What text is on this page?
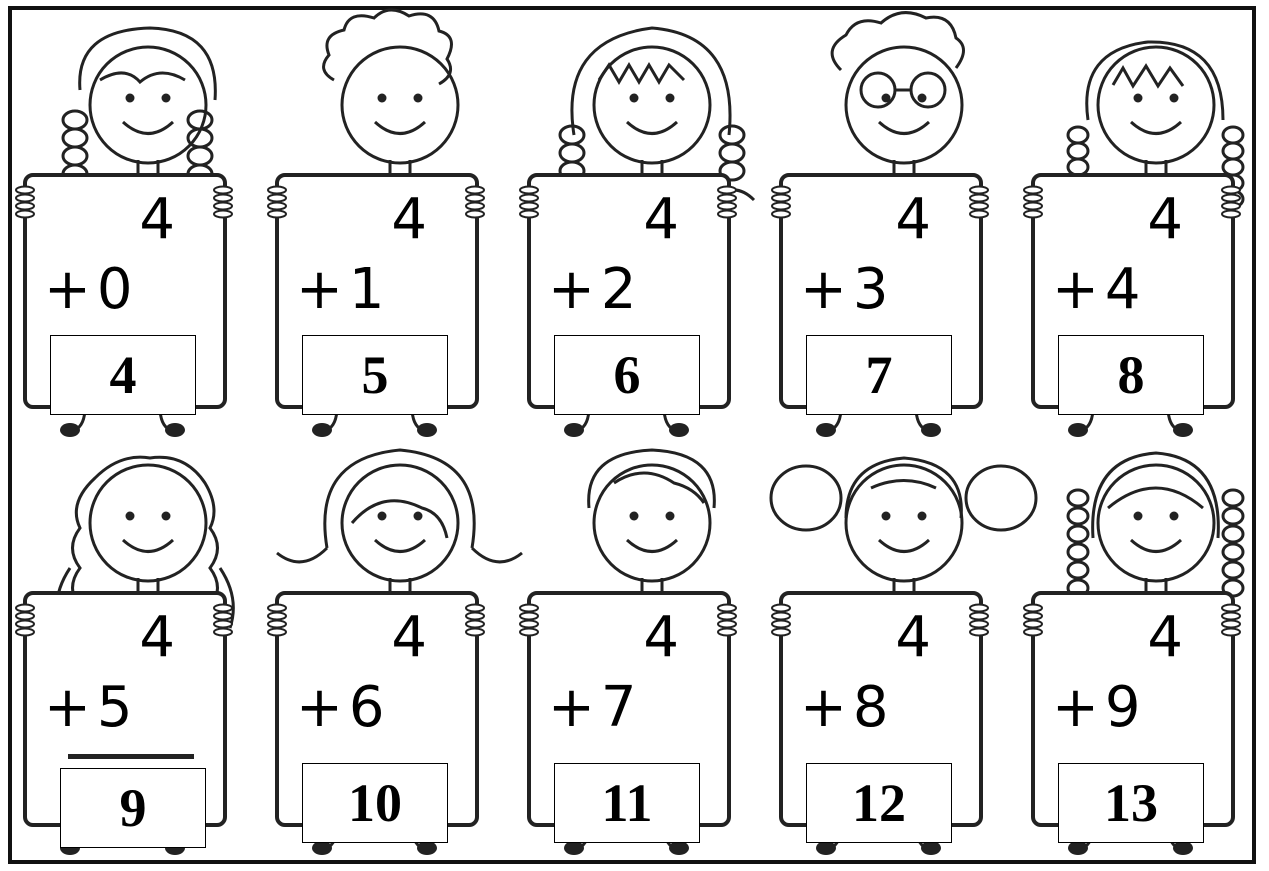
4
+0
4
4
+1
5
4
+2
6
4
+3
7
4
+4
8
4
+5
9
4
+6
10
4
+7
11
4
+8
12
4
+9
13
